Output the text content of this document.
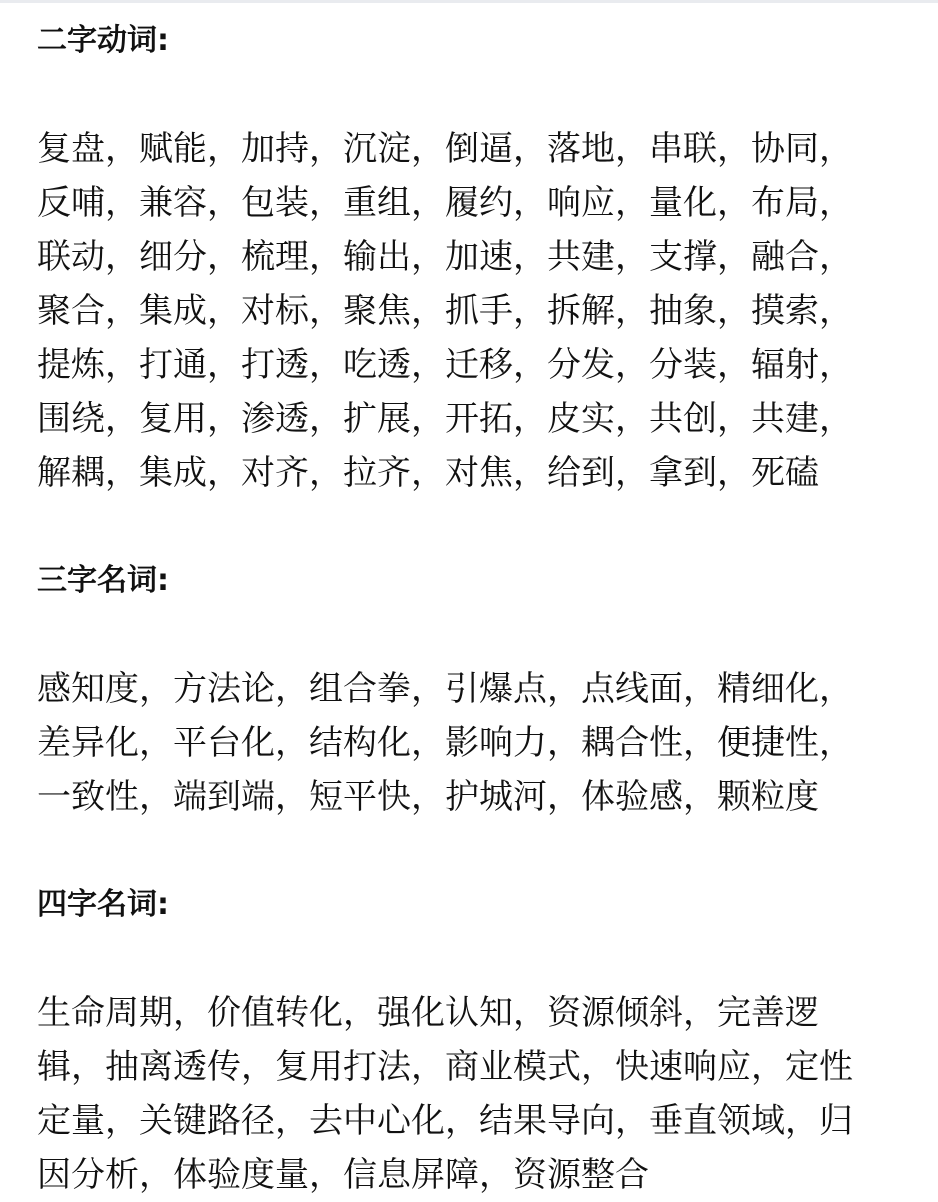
二字动词:

复盘，赋能，加持，沉淀，倒逼，落地，串联，协同，
反哺，兼容，包装，重组，履约，响应，量化，布局，
联动，细分，梳理，输出，加速，共建，支撑，融合，
聚合，集成，对标，聚焦，抓手，拆解，抽象，摸索，
提炼，打通，打透，吃透，迁移，分发，分装，辐射，
围绕，复用，渗透，扩展，开拓，皮实，共创，共建，
解耦，集成，对齐，拉齐，对焦，给到，拿到，死磕

三字名词:

感知度，方法论，组合拳，引爆点，点线面，精细化，
差异化，平台化，结构化，影响力，耦合性，便捷性，
一致性，端到端，短平快，护城河，体验感，颗粒度

四字名词:

生命周期，价值转化，强化认知，资源倾斜，完善逻
辑，抽离透传，复用打法，商业模式，快速响应，定性
定量，关键路径，去中心化，结果导向，垂直领域，归
因分析，体验度量，信息屏障，资源整合
